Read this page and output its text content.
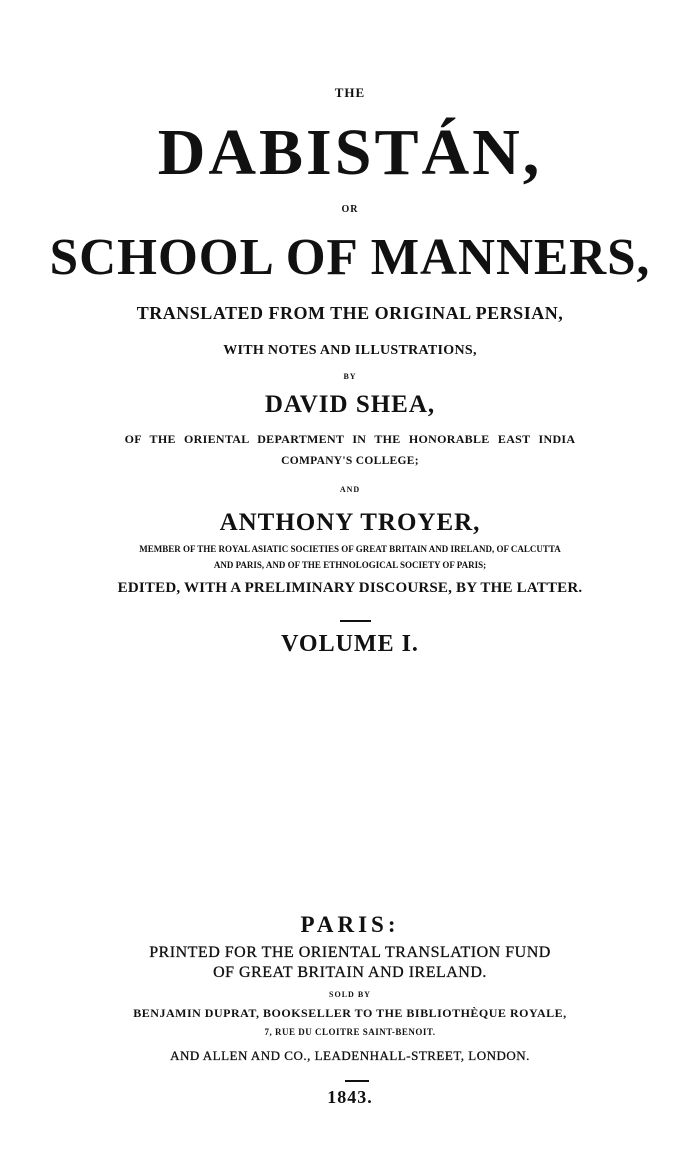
THE
DABISTÁN,
OR
SCHOOL OF MANNERS,
TRANSLATED FROM THE ORIGINAL PERSIAN,
WITH NOTES AND ILLUSTRATIONS,
BY
DAVID SHEA,
OF THE ORIENTAL DEPARTMENT IN THE HONORABLE EAST INDIA
COMPANY'S COLLEGE;
AND
ANTHONY TROYER,
MEMBER OF THE ROYAL ASIATIC SOCIETIES OF GREAT BRITAIN AND IRELAND, OF CALCUTTA
AND PARIS, AND OF THE ETHNOLOGICAL SOCIETY OF PARIS;
EDITED, WITH A PRELIMINARY DISCOURSE, BY THE LATTER.
VOLUME I.
PARIS:
PRINTED FOR THE ORIENTAL TRANSLATION FUND
OF GREAT BRITAIN AND IRELAND.
SOLD BY
BENJAMIN DUPRAT, BOOKSELLER TO THE BIBLIOTHÈQUE ROYALE,
7, RUE DU CLOITRE SAINT-BENOIT.
AND ALLEN AND CO., LEADENHALL-STREET, LONDON.
1843.
